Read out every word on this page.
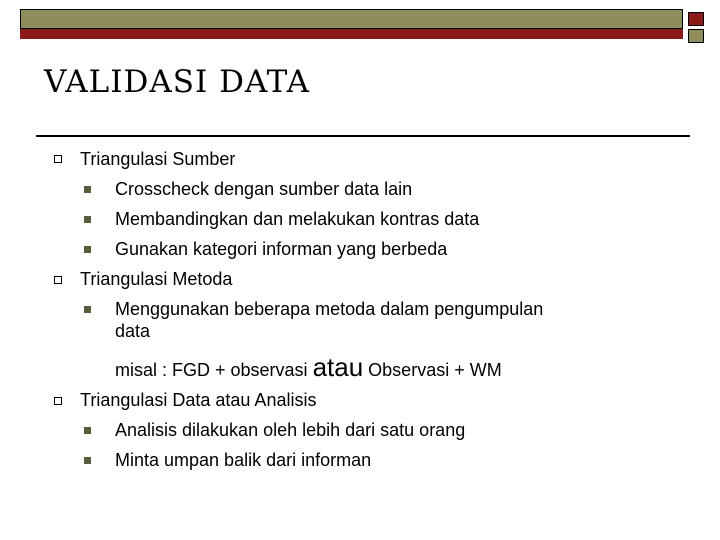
VALIDASI DATA
Triangulasi Sumber
Crosscheck dengan sumber data lain
Membandingkan dan melakukan kontras data
Gunakan kategori informan yang berbeda
Triangulasi Metoda
Menggunakan beberapa metoda dalam pengumpulan
data
misal : FGD + observasi atau Observasi + WM
Triangulasi Data atau Analisis
Analisis dilakukan oleh lebih dari satu orang
Minta umpan balik dari informan
